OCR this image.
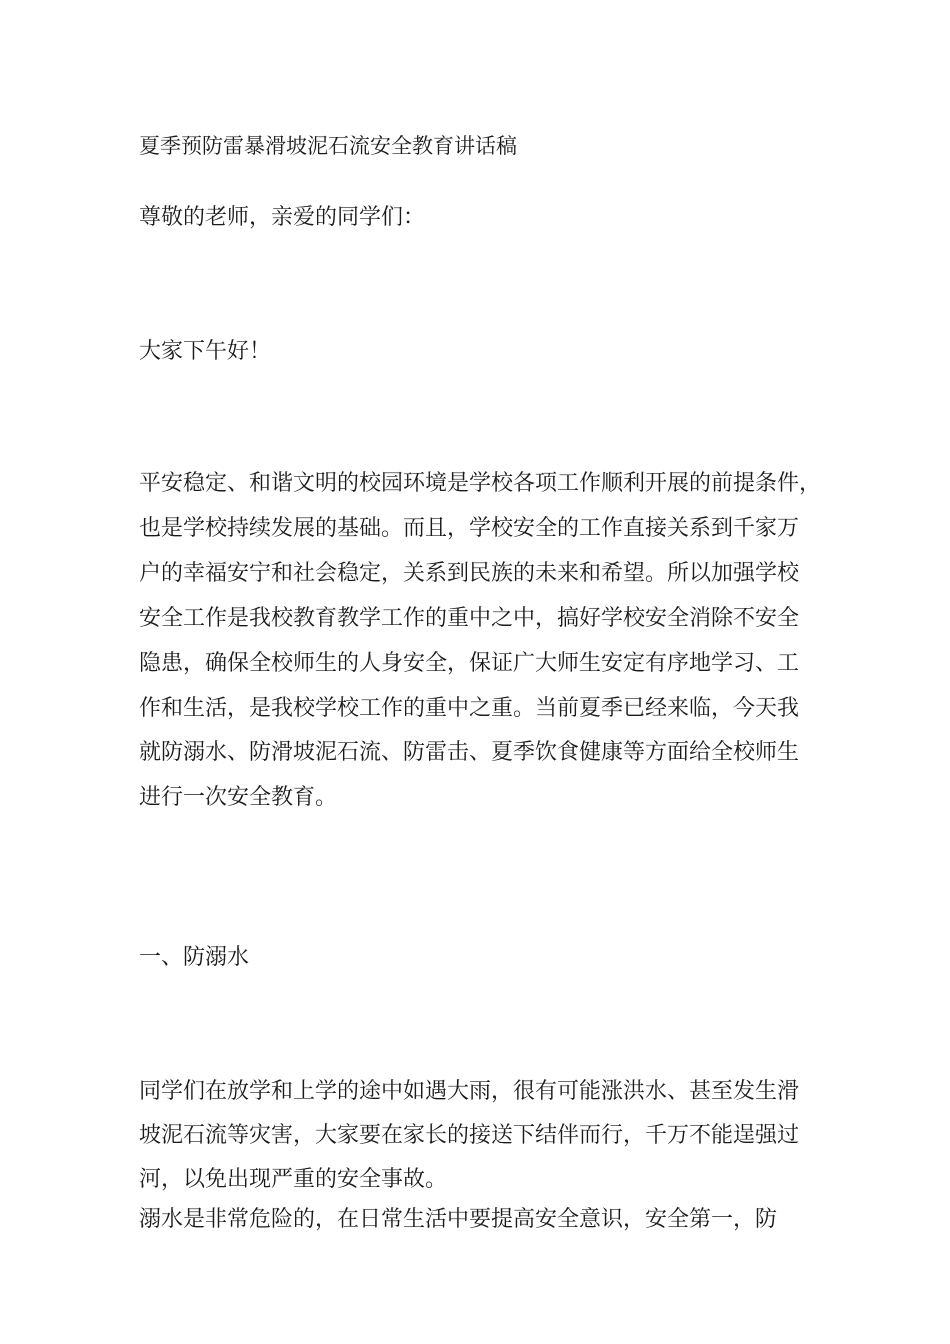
夏季预防雷暴滑坡泥石流安全教育讲话稿

尊敬的老师，亲爱的同学们：

大家下午好！

平安稳定、和谐文明的校园环境是学校各项工作顺利开展的前提条件，
也是学校持续发展的基础。而且，学校安全的工作直接关系到千家万
户的幸福安宁和社会稳定，关系到民族的未来和希望。所以加强学校
安全工作是我校教育教学工作的重中之中，搞好学校安全消除不安全
隐患，确保全校师生的人身安全，保证广大师生安定有序地学习、工
作和生活，是我校学校工作的重中之重。当前夏季已经来临，今天我
就防溺水、防滑坡泥石流、防雷击、夏季饮食健康等方面给全校师生
进行一次安全教育。

一、防溺水

同学们在放学和上学的途中如遇大雨，很有可能涨洪水、甚至发生滑
坡泥石流等灾害，大家要在家长的接送下结伴而行，千万不能逞强过
河，以免出现严重的安全事故。

溺水是非常危险的，在日常生活中要提高安全意识，安全第一，防
